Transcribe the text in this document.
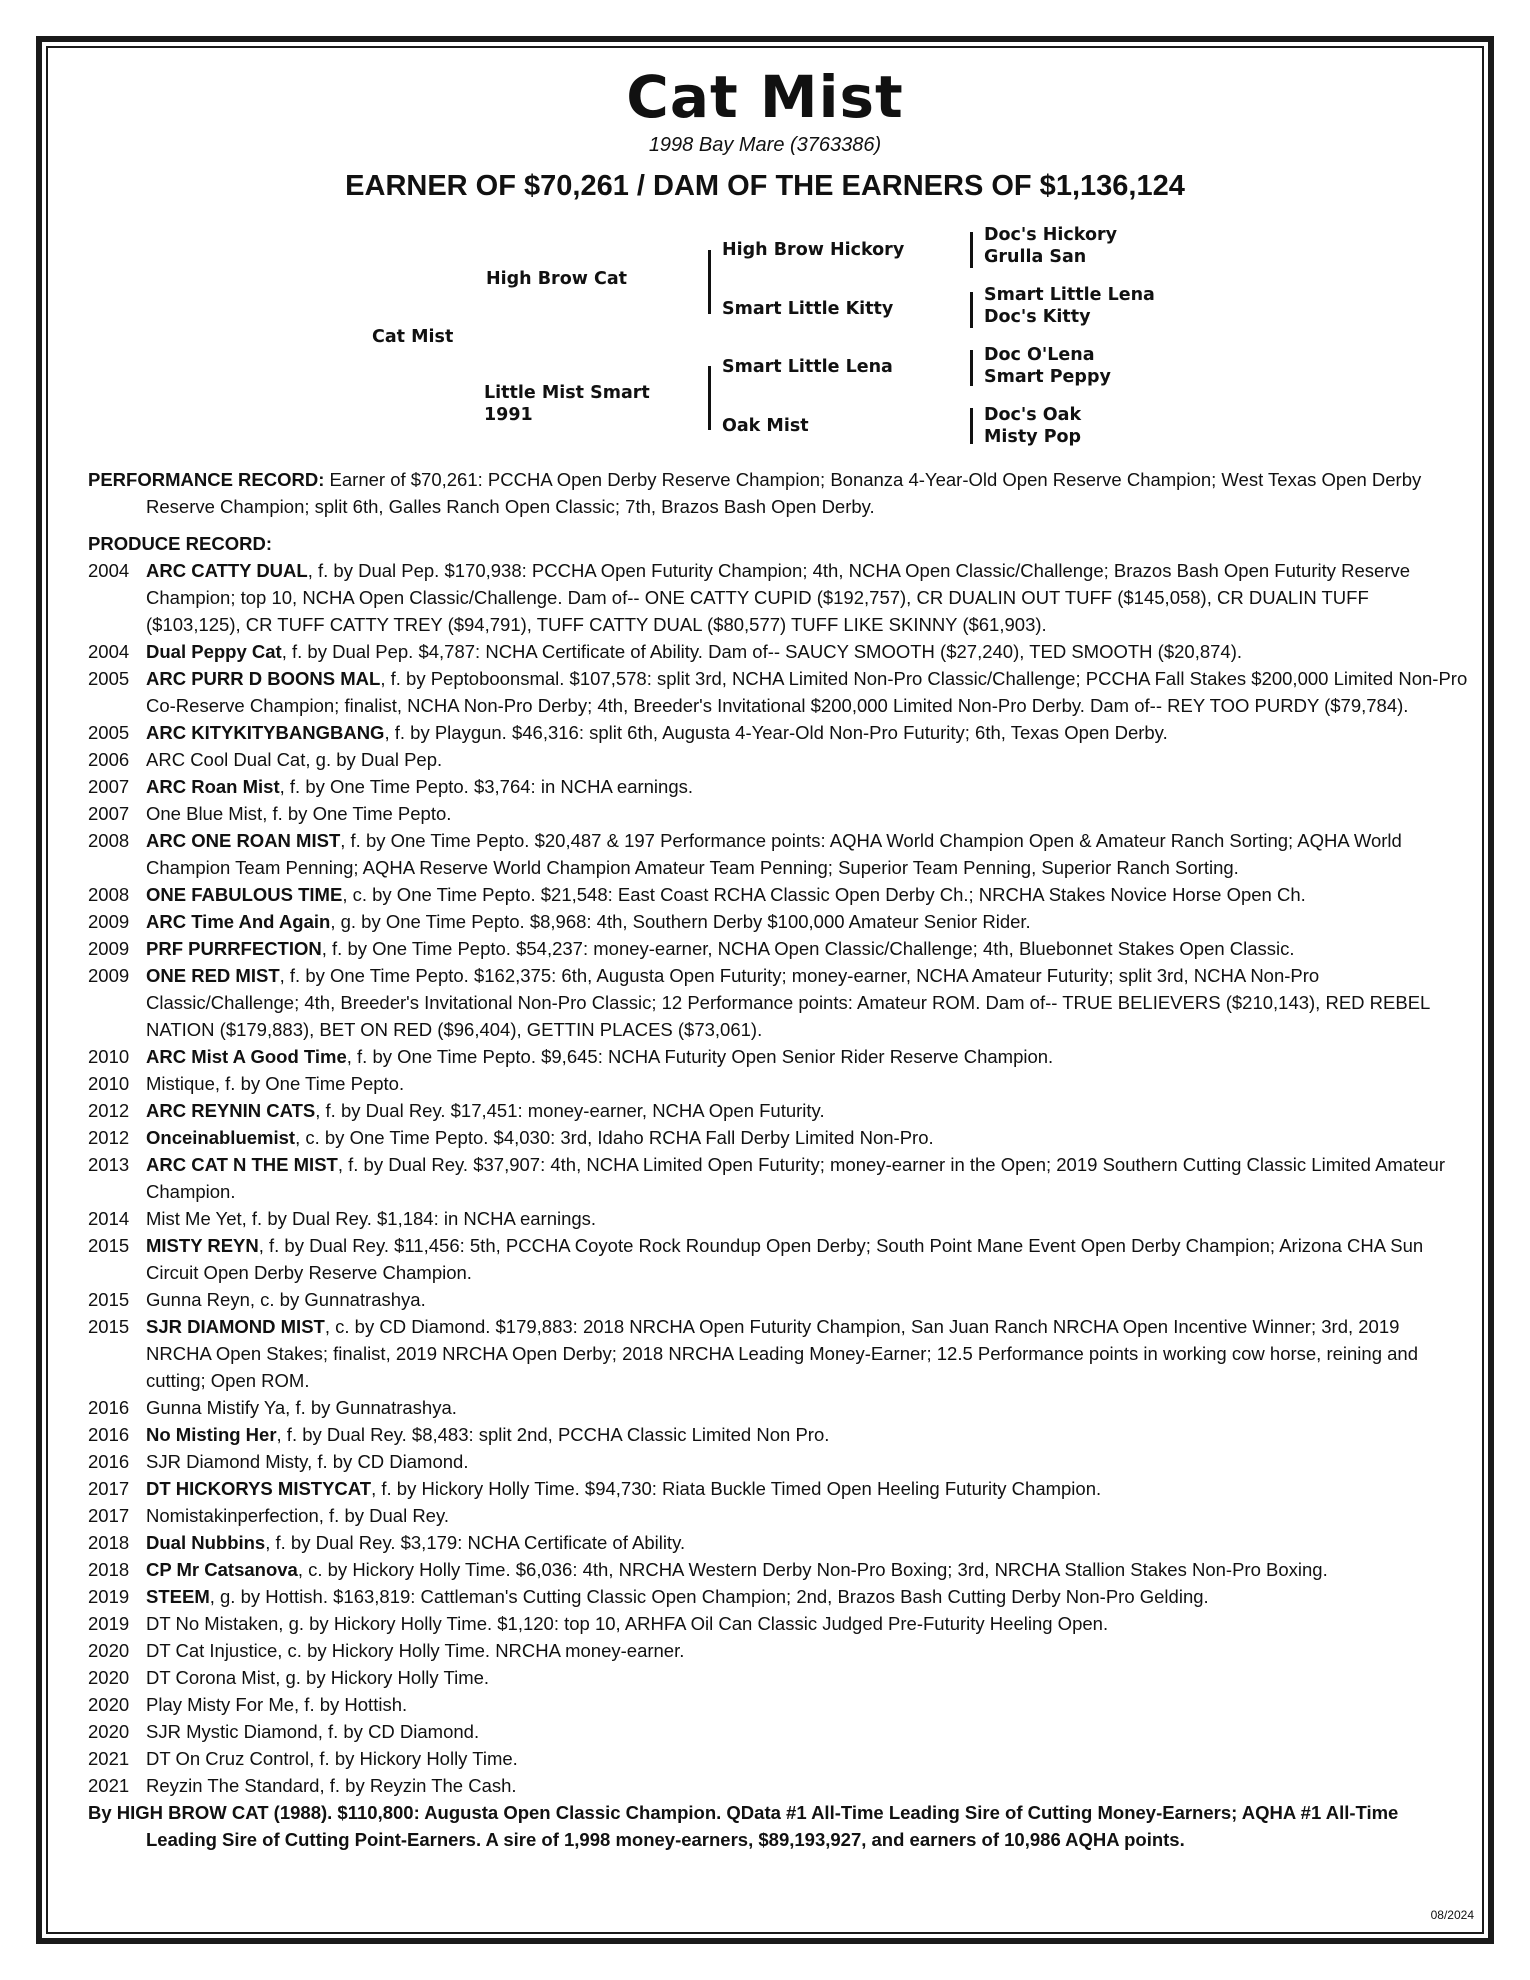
Cat Mist
1998 Bay Mare (3763386)
EARNER OF $70,261 / DAM OF THE EARNERS OF $1,136,124
Cat Mist
High Brow Cat
Little Mist Smart
1991
High Brow Hickory
Smart Little Kitty
Smart Little Lena
Oak Mist
Doc's Hickory
Grulla San
Smart Little Lena
Doc's Kitty
Doc O'Lena
Smart Peppy
Doc's Oak
Misty Pop

PERFORMANCE RECORD: Earner of $70,261: PCCHA Open Derby Reserve Champion; Bonanza 4-Year-Old Open Reserve Champion; West Texas Open Derby Reserve Champion; split 6th, Galles Ranch Open Classic; 7th, Brazos Bash Open Derby.

PRODUCE RECORD:

2004 ARC CATTY DUAL, f. by Dual Pep. $170,938: PCCHA Open Futurity Champion; 4th, NCHA Open Classic/Challenge; Brazos Bash Open Futurity Reserve Champion; top 10, NCHA Open Classic/Challenge. Dam of-- ONE CATTY CUPID ($192,757), CR DUALIN OUT TUFF ($145,058), CR DUALIN TUFF ($103,125), CR TUFF CATTY TREY ($94,791), TUFF CATTY DUAL ($80,577) TUFF LIKE SKINNY ($61,903).
2004 Dual Peppy Cat, f. by Dual Pep. $4,787: NCHA Certificate of Ability. Dam of-- SAUCY SMOOTH ($27,240), TED SMOOTH ($20,874).
2005 ARC PURR D BOONS MAL, f. by Peptoboonsmal. $107,578: split 3rd, NCHA Limited Non-Pro Classic/Challenge; PCCHA Fall Stakes $200,000 Limited Non-Pro Co-Reserve Champion; finalist, NCHA Non-Pro Derby; 4th, Breeder's Invitational $200,000 Limited Non-Pro Derby. Dam of-- REY TOO PURDY ($79,784).
2005 ARC KITYKITYBANGBANG, f. by Playgun. $46,316: split 6th, Augusta 4-Year-Old Non-Pro Futurity; 6th, Texas Open Derby.
2006 ARC Cool Dual Cat, g. by Dual Pep.
2007 ARC Roan Mist, f. by One Time Pepto. $3,764: in NCHA earnings.
2007 One Blue Mist, f. by One Time Pepto.
2008 ARC ONE ROAN MIST, f. by One Time Pepto. $20,487 & 197 Performance points: AQHA World Champion Open & Amateur Ranch Sorting; AQHA World Champion Team Penning; AQHA Reserve World Champion Amateur Team Penning; Superior Team Penning, Superior Ranch Sorting.
2008 ONE FABULOUS TIME, c. by One Time Pepto. $21,548: East Coast RCHA Classic Open Derby Ch.; NRCHA Stakes Novice Horse Open Ch.
2009 ARC Time And Again, g. by One Time Pepto. $8,968: 4th, Southern Derby $100,000 Amateur Senior Rider.
2009 PRF PURRFECTION, f. by One Time Pepto. $54,237: money-earner, NCHA Open Classic/Challenge; 4th, Bluebonnet Stakes Open Classic.
2009 ONE RED MIST, f. by One Time Pepto. $162,375: 6th, Augusta Open Futurity; money-earner, NCHA Amateur Futurity; split 3rd, NCHA Non-Pro Classic/Challenge; 4th, Breeder's Invitational Non-Pro Classic; 12 Performance points: Amateur ROM. Dam of-- TRUE BELIEVERS ($210,143), RED REBEL NATION ($179,883), BET ON RED ($96,404), GETTIN PLACES ($73,061).
2010 ARC Mist A Good Time, f. by One Time Pepto. $9,645: NCHA Futurity Open Senior Rider Reserve Champion.
2010 Mistique, f. by One Time Pepto.
2012 ARC REYNIN CATS, f. by Dual Rey. $17,451: money-earner, NCHA Open Futurity.
2012 Onceinabluemist, c. by One Time Pepto. $4,030: 3rd, Idaho RCHA Fall Derby Limited Non-Pro.
2013 ARC CAT N THE MIST, f. by Dual Rey. $37,907: 4th, NCHA Limited Open Futurity; money-earner in the Open; 2019 Southern Cutting Classic Limited Amateur Champion.
2014 Mist Me Yet, f. by Dual Rey. $1,184: in NCHA earnings.
2015 MISTY REYN, f. by Dual Rey. $11,456: 5th, PCCHA Coyote Rock Roundup Open Derby; South Point Mane Event Open Derby Champion; Arizona CHA Sun Circuit Open Derby Reserve Champion.
2015 Gunna Reyn, c. by Gunnatrashya.
2015 SJR DIAMOND MIST, c. by CD Diamond. $179,883: 2018 NRCHA Open Futurity Champion, San Juan Ranch NRCHA Open Incentive Winner; 3rd, 2019 NRCHA Open Stakes; finalist, 2019 NRCHA Open Derby; 2018 NRCHA Leading Money-Earner; 12.5 Performance points in working cow horse, reining and cutting; Open ROM.
2016 Gunna Mistify Ya, f. by Gunnatrashya.
2016 No Misting Her, f. by Dual Rey. $8,483: split 2nd, PCCHA Classic Limited Non Pro.
2016 SJR Diamond Misty, f. by CD Diamond.
2017 DT HICKORYS MISTYCAT, f. by Hickory Holly Time. $94,730: Riata Buckle Timed Open Heeling Futurity Champion.
2017 Nomistakinperfection, f. by Dual Rey.
2018 Dual Nubbins, f. by Dual Rey. $3,179: NCHA Certificate of Ability.
2018 CP Mr Catsanova, c. by Hickory Holly Time. $6,036: 4th, NRCHA Western Derby Non-Pro Boxing; 3rd, NRCHA Stallion Stakes Non-Pro Boxing.
2019 STEEM, g. by Hottish. $163,819: Cattleman's Cutting Classic Open Champion; 2nd, Brazos Bash Cutting Derby Non-Pro Gelding.
2019 DT No Mistaken, g. by Hickory Holly Time. $1,120: top 10, ARHFA Oil Can Classic Judged Pre-Futurity Heeling Open.
2020 DT Cat Injustice, c. by Hickory Holly Time. NRCHA money-earner.
2020 DT Corona Mist, g. by Hickory Holly Time.
2020 Play Misty For Me, f. by Hottish.
2020 SJR Mystic Diamond, f. by CD Diamond.
2021 DT On Cruz Control, f. by Hickory Holly Time.
2021 Reyzin The Standard, f. by Reyzin The Cash.

By HIGH BROW CAT (1988). $110,800: Augusta Open Classic Champion. QData #1 All-Time Leading Sire of Cutting Money-Earners; AQHA #1 All-Time Leading Sire of Cutting Point-Earners. A sire of 1,998 money-earners, $89,193,927, and earners of 10,986 AQHA points.

08/2024
